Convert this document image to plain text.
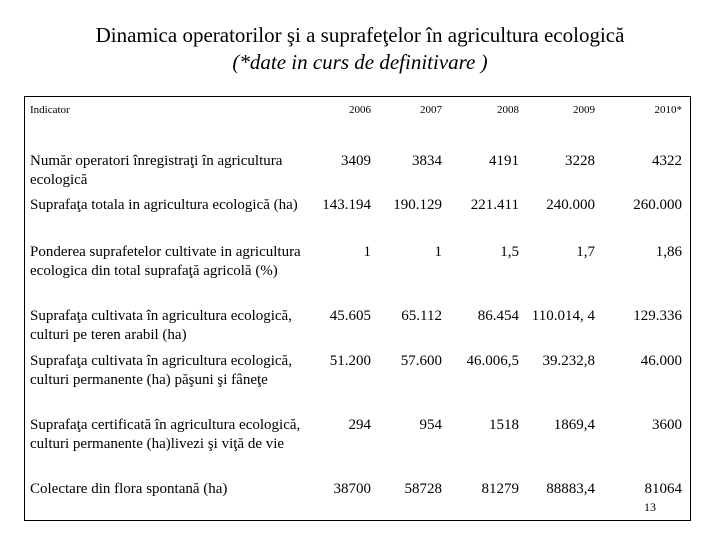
Dinamica operatorilor şi a suprafeţelor în agricultura ecologică
(*date in curs de definitivare )
Indicator	2006	2007	2008	2009	2010*
Număr operatori înregistraţi în agricultura ecologică	3409	3834	4191	3228	4322
Suprafaţa totala in agricultura ecologică (ha)	143.194	190.129	221.411	240.000	260.000
Ponderea suprafetelor cultivate in agricultura ecologica din total suprafaţă agricolă (%)	1	1	1,5	1,7	1,86
Suprafaţa cultivata în agricultura ecologică, culturi pe teren arabil (ha)	45.605	65.112	86.454	110.014, 4	129.336
Suprafaţa cultivata în agricultura ecologică, culturi permanente (ha) păşuni şi fâneţe	51.200	57.600	46.006,5	39.232,8	46.000
Suprafaţa certificată în agricultura ecologică, culturi permanente (ha)livezi şi viţă de vie	294	954	1518	1869,4	3600
Colectare din flora spontană (ha)	38700	58728	81279	88883,4	81064
13
